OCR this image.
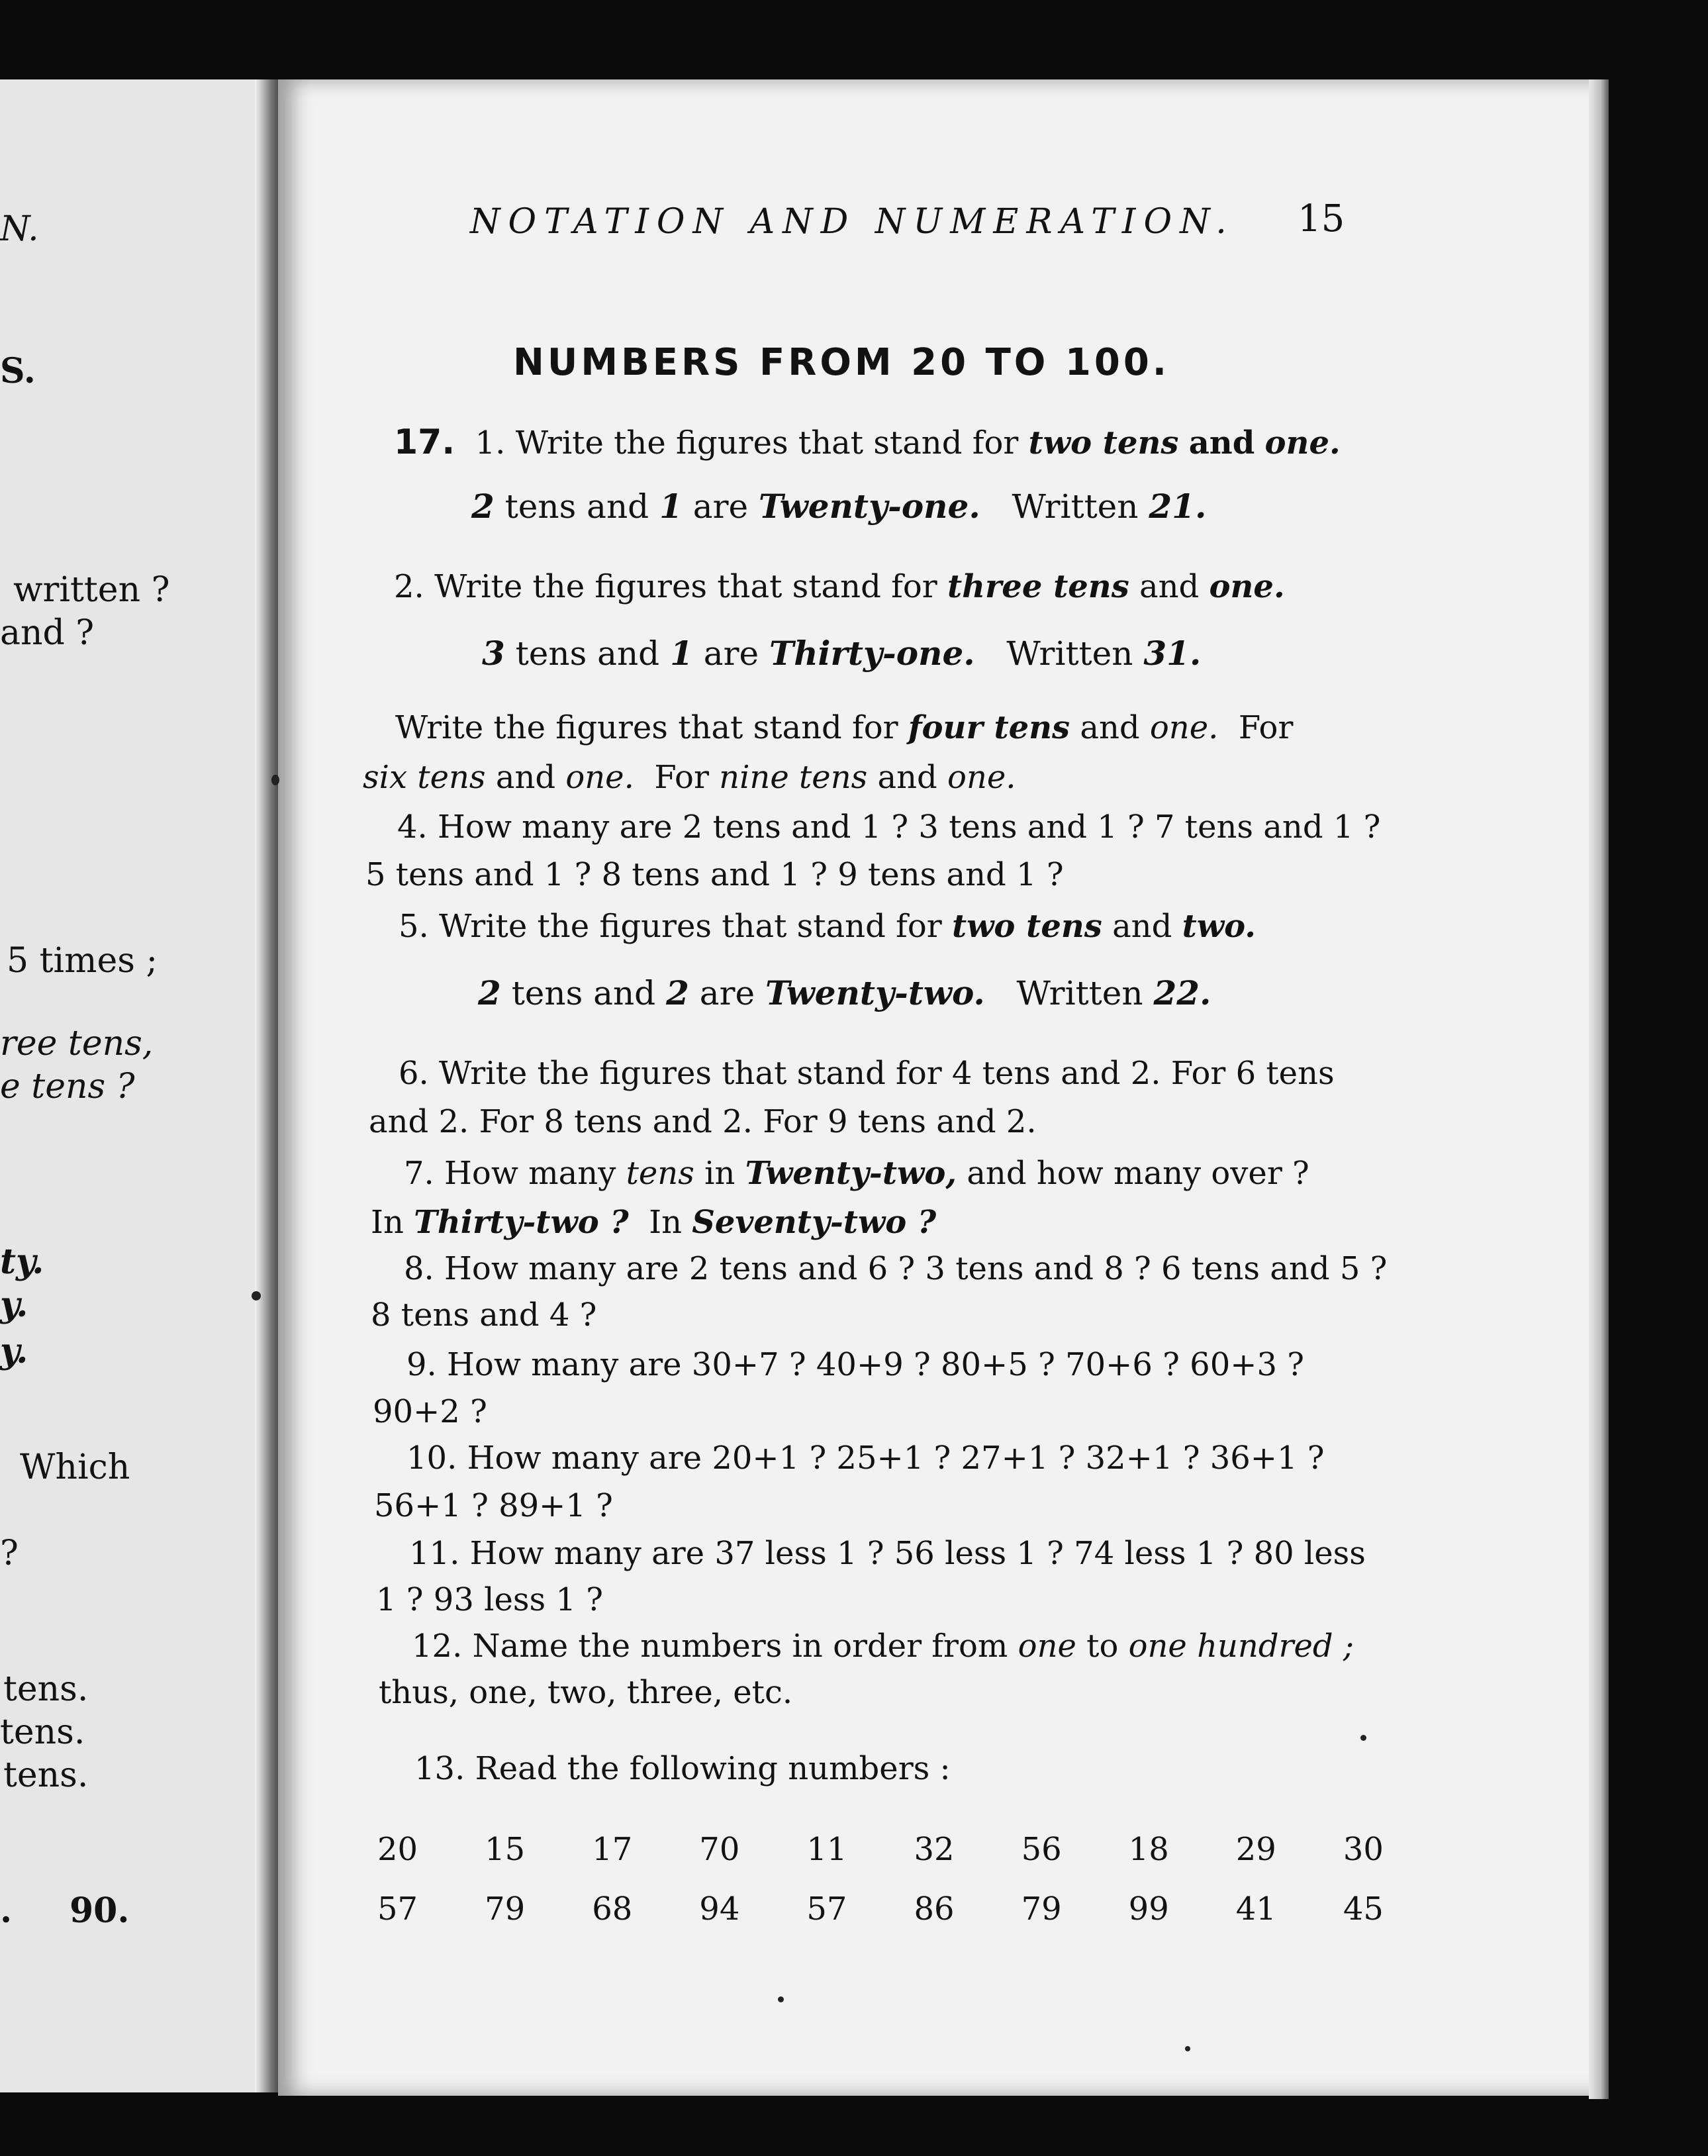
N.
S.
written ?
and ?
5 times ;
ree tens,
e tens ?
ty.
y.
y.
Which
?
tens.
tens.
tens.
. 90.
NOTATION AND NUMERATION. 15
NUMBERS FROM 20 TO 100.
17. 1. Write the figures that stand for two tens and one.
2 tens and 1 are Twenty-one. Written 21.
2. Write the figures that stand for three tens and one.
3 tens and 1 are Thirty-one. Written 31.
Write the figures that stand for four tens and one. For
six tens and one. For nine tens and one.
4. How many are 2 tens and 1 ? 3 tens and 1 ? 7 tens and 1 ?
5 tens and 1 ? 8 tens and 1 ? 9 tens and 1 ?
5. Write the figures that stand for two tens and two.
2 tens and 2 are Twenty-two. Written 22.
6. Write the figures that stand for 4 tens and 2. For 6 tens
and 2. For 8 tens and 2. For 9 tens and 2.
7. How many tens in Twenty-two, and how many over ?
In Thirty-two ? In Seventy-two ?
8. How many are 2 tens and 6 ? 3 tens and 8 ? 6 tens and 5 ?
8 tens and 4 ?
9. How many are 30+7 ? 40+9 ? 80+5 ? 70+6 ? 60+3 ?
90+2 ?
10. How many are 20+1 ? 25+1 ? 27+1 ? 32+1 ? 36+1 ?
56+1 ? 89+1 ?
11. How many are 37 less 1 ? 56 less 1 ? 74 less 1 ? 80 less
1 ? 93 less 1 ?
12. Name the numbers in order from one to one hundred ;
thus, one, two, three, etc.
13. Read the following numbers :
20 15 17 70 11 32 56 18 29 30
57 79 68 94 57 86 79 99 41 45
